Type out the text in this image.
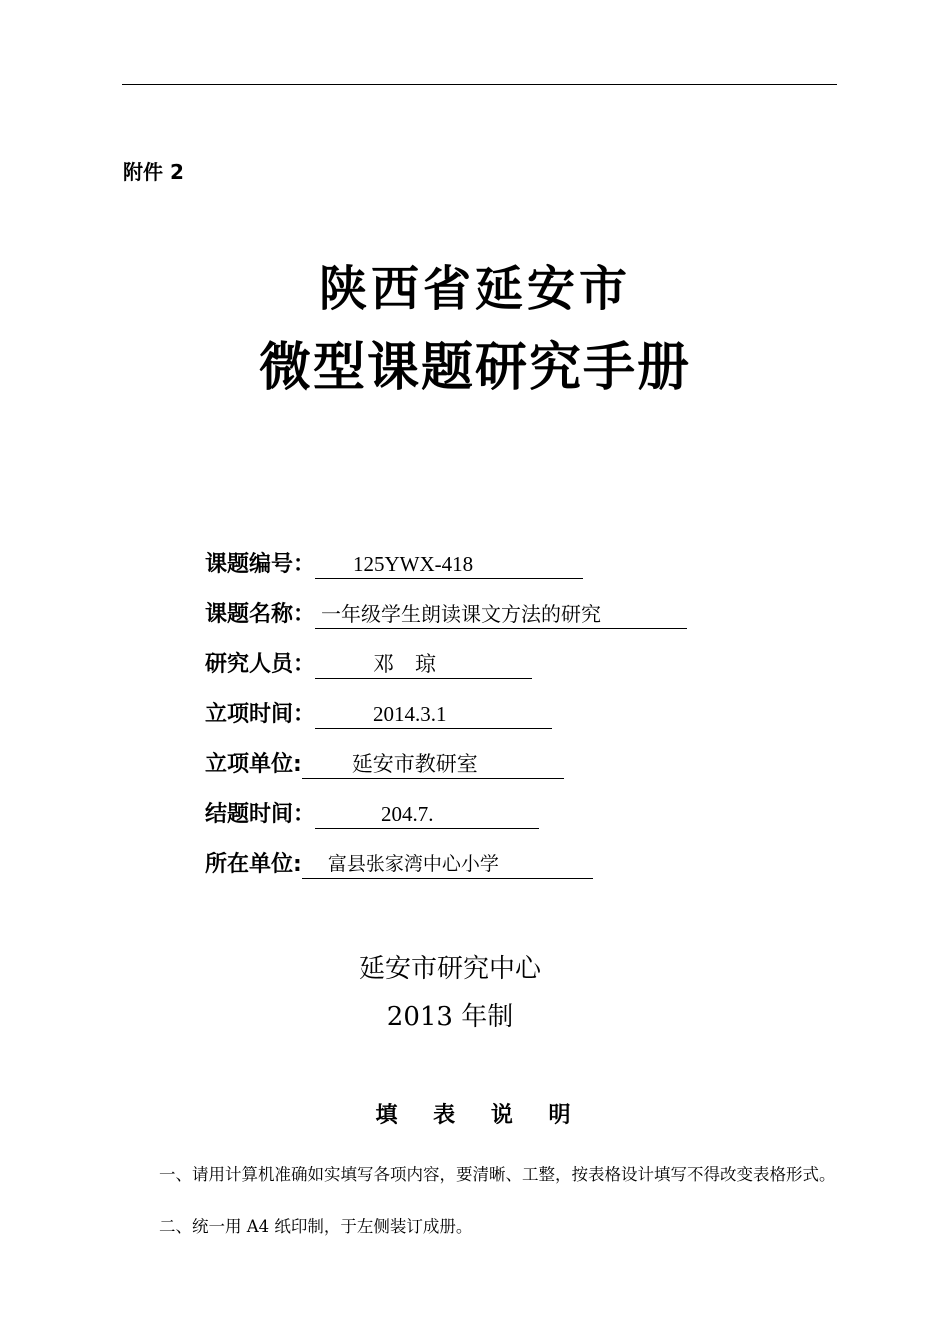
附件 2
陕西省延安市
微型课题研究手册
课题编号：	125YWX-418
课题名称： 一年级学生朗读课文方法的研究
研究人员：	邓　琼
立项时间：	2014.3.1
立项单位:	延安市教研室
结题时间：	204.7.
所在单位:	富县张家湾中心小学
延安市研究中心
2013 年制
填 表 说 明
一、请用计算机准确如实填写各项内容，要清晰、工整，按表格设计填写不得改变表格形式。
二、统一用 A4 纸印制，于左侧装订成册。
